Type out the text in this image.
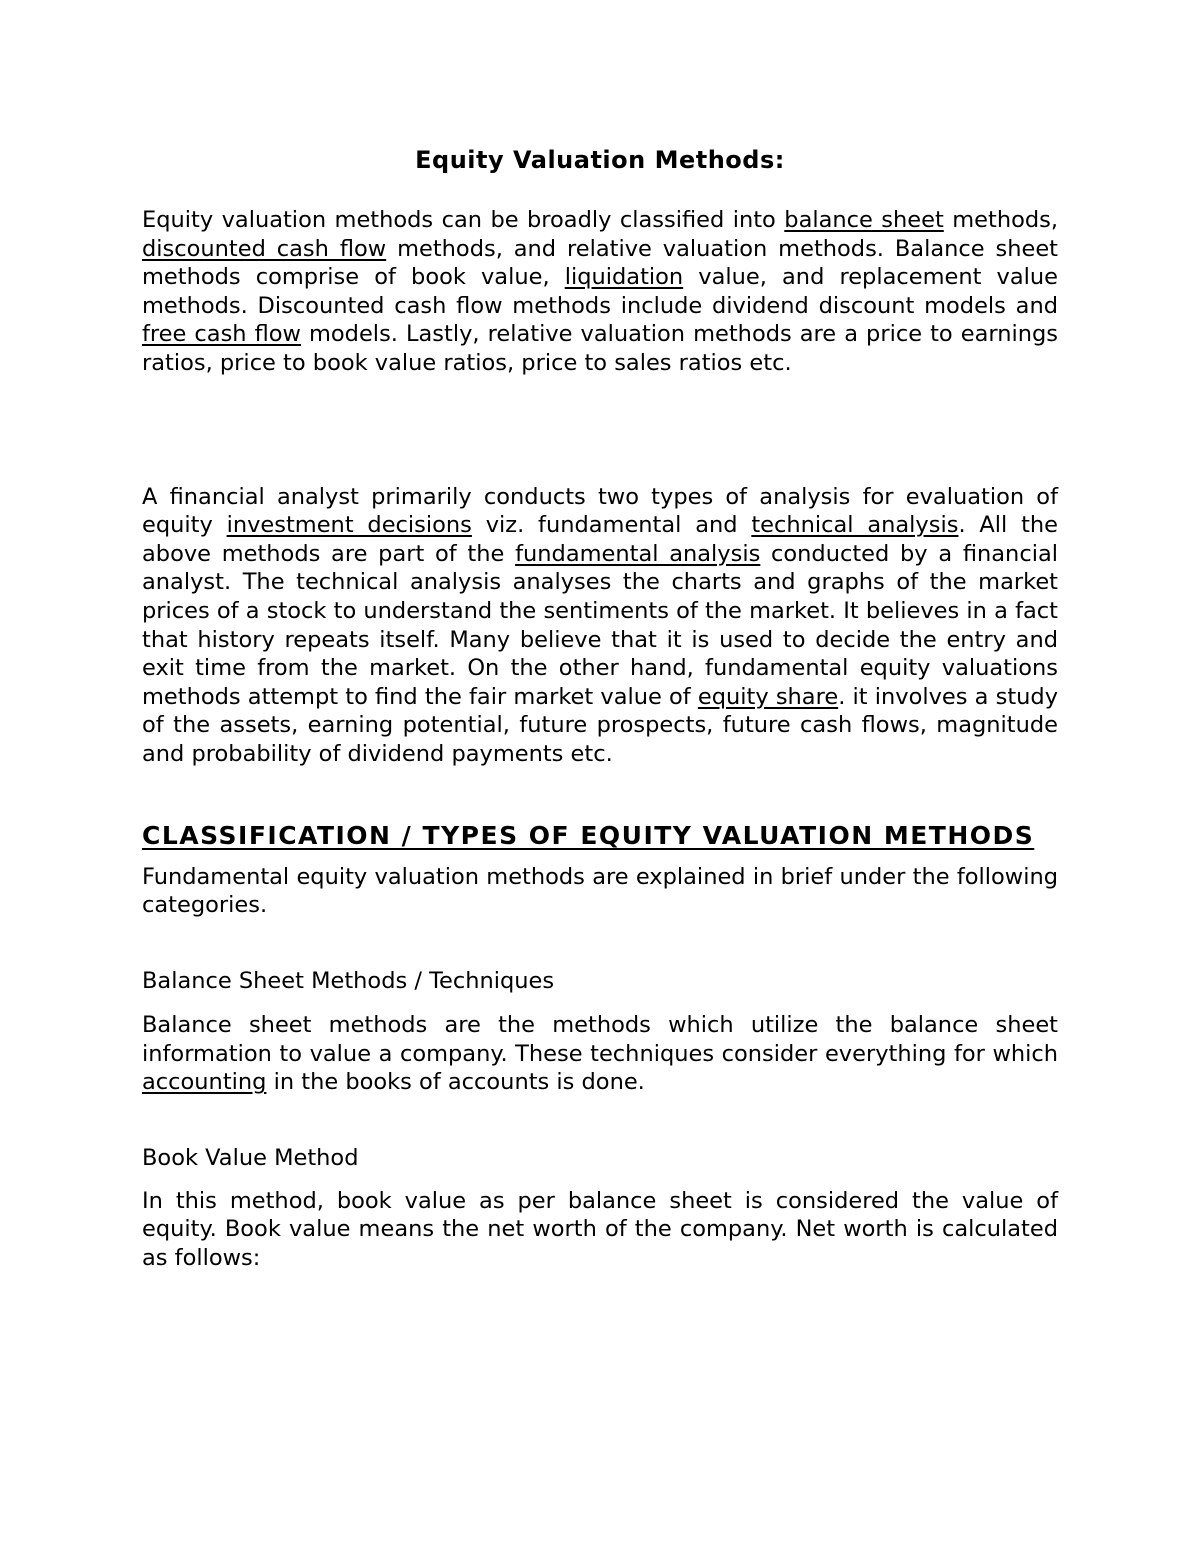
Equity Valuation Methods:

Equity valuation methods can be broadly classified into balance sheet methods, discounted cash flow methods, and relative valuation methods. Balance sheet methods comprise of book value, liquidation value, and replacement value methods. Discounted cash flow methods include dividend discount models and free cash flow models. Lastly, relative valuation methods are a price to earnings ratios, price to book value ratios, price to sales ratios etc.

A financial analyst primarily conducts two types of analysis for evaluation of equity investment decisions viz. fundamental and technical analysis. All the above methods are part of the fundamental analysis conducted by a financial analyst. The technical analysis analyses the charts and graphs of the market prices of a stock to understand the sentiments of the market. It believes in a fact that history repeats itself. Many believe that it is used to decide the entry and exit time from the market. On the other hand, fundamental equity valuations methods attempt to find the fair market value of equity share. it involves a study of the assets, earning potential, future prospects, future cash flows, magnitude and probability of dividend payments etc.

CLASSIFICATION / TYPES OF EQUITY VALUATION METHODS

Fundamental equity valuation methods are explained in brief under the following categories.

Balance Sheet Methods / Techniques

Balance sheet methods are the methods which utilize the balance sheet information to value a company. These techniques consider everything for which accounting in the books of accounts is done.

Book Value Method

In this method, book value as per balance sheet is considered the value of equity. Book value means the net worth of the company. Net worth is calculated as follows:
